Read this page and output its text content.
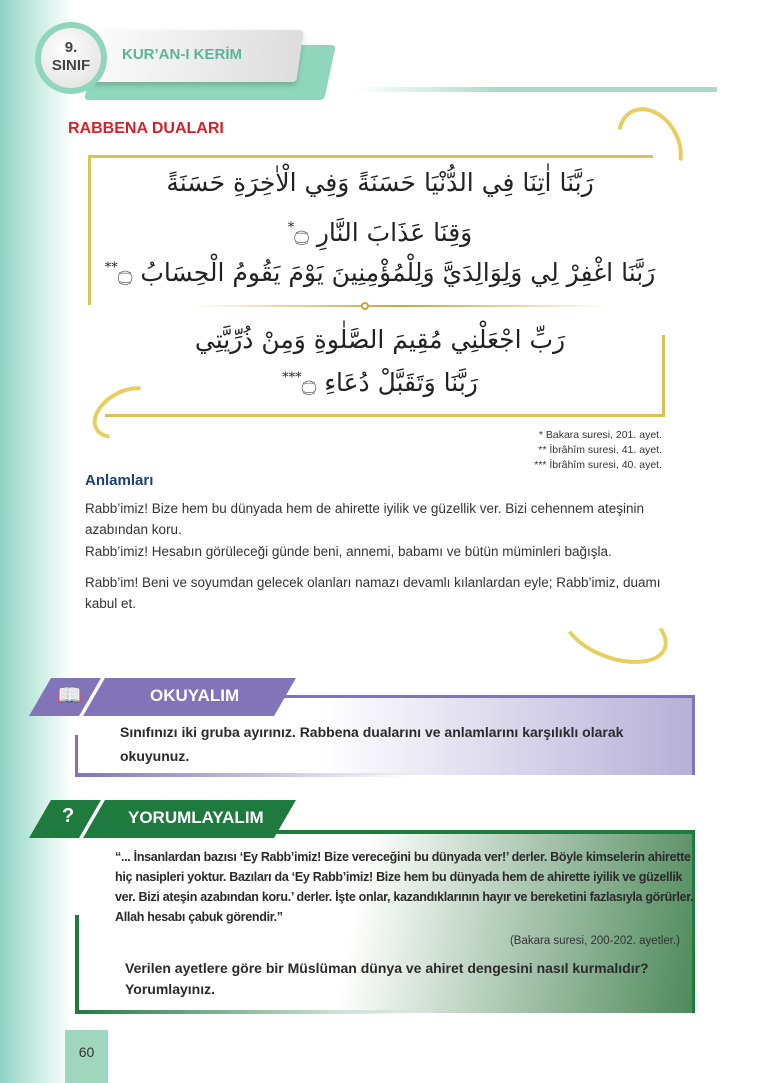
9.
SINIF
KUR’AN-I KERİM
RABBENA DUALARI
رَبَّنَا اٰتِنَا فِي الدُّنْيَا حَسَنَةً وَفِي الْاٰخِرَةِ حَسَنَةً
وَقِنَا عَذَابَ النَّارِ ۝*
رَبَّنَا اغْفِرْ لِي وَلِوَالِدَيَّ وَلِلْمُؤْمِنِينَ يَوْمَ يَقُومُ الْحِسَابُ ۝**
رَبِّ اجْعَلْنِي مُقِيمَ الصَّلٰوةِ وَمِنْ ذُرِّيَّتِي
رَبَّنَا وَتَقَبَّلْ دُعَاءِ ۝***
* Bakara suresi, 201. ayet.
** İbrâhîm suresi, 41. ayet.
*** İbrâhîm suresi, 40. ayet.
Anlamları
Rabb’imiz! Bize hem bu dünyada hem de ahirette iyilik ve güzellik ver. Bizi cehennem ateşinin azabından koru.
Rabb’imiz! Hesabın görüleceği günde beni, annemi, babamı ve bütün müminleri bağışla.
Rabb’im! Beni ve soyumdan gelecek olanları namazı devamlı kılanlardan eyle; Rabb’imiz, duamı kabul et.
📖	OKUYALIM
Sınıfınızı iki gruba ayırınız. Rabbena dualarını ve anlamlarını karşılıklı olarak okuyunuz.
?	YORUMLAYALIM
“... İnsanlardan bazısı ‘Ey Rabb’imiz! Bize vereceğini bu dünyada ver!’ derler. Böyle kimselerin ahirette hiç nasipleri yoktur. Bazıları da ‘Ey Rabb’imiz! Bize hem bu dünyada hem de ahirette iyilik ve güzellik ver. Bizi ateşin azabından koru.’ derler. İşte onlar, kazandıklarının hayır ve bereketini fazlasıyla görürler. Allah hesabı çabuk görendir.”
(Bakara suresi, 200-202. ayetler.)
Verilen ayetlere göre bir Müslüman dünya ve ahiret dengesini nasıl kurmalıdır? Yorumlayınız.
60
